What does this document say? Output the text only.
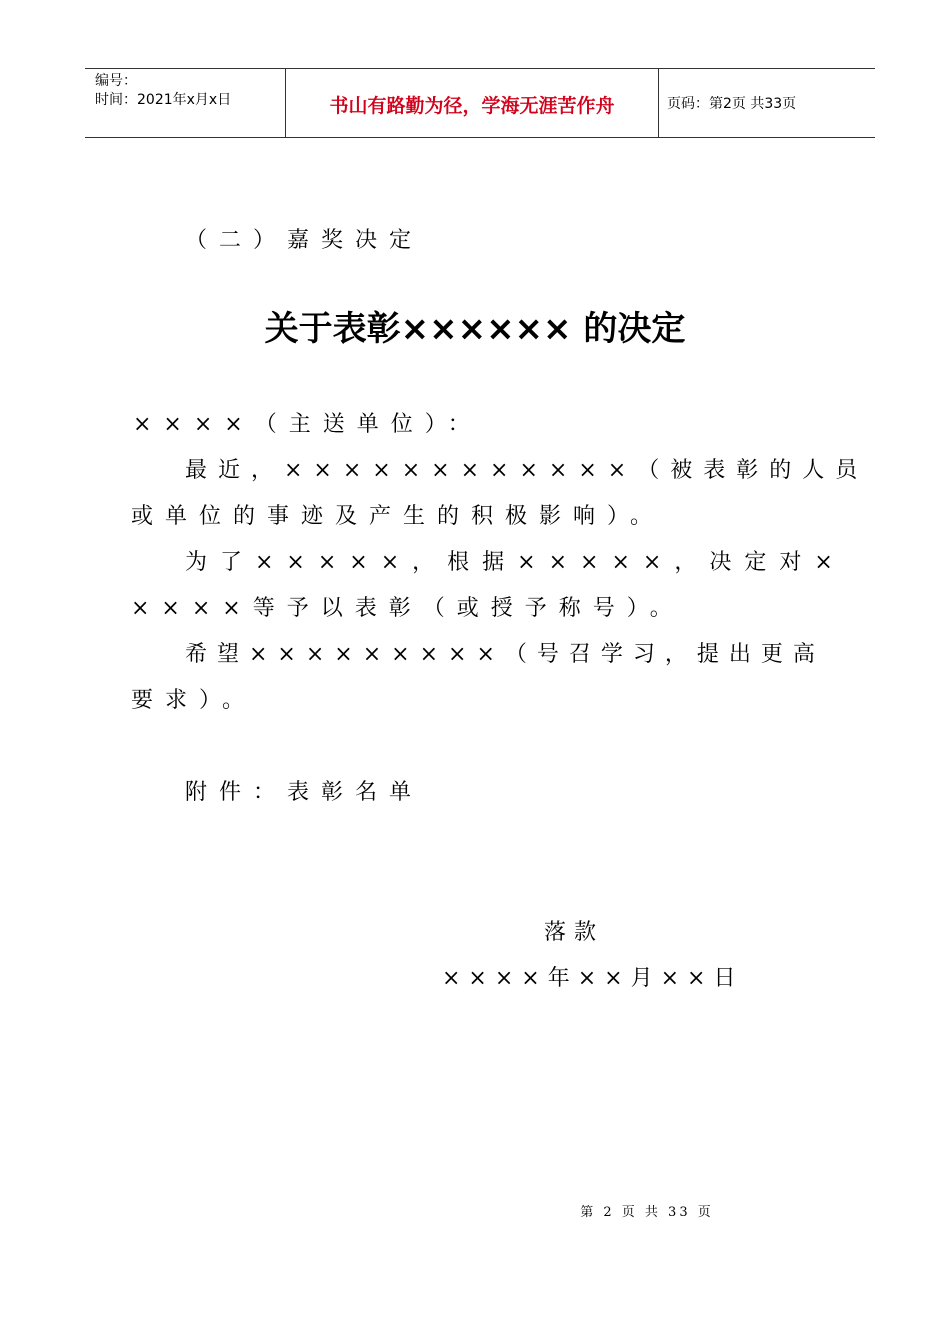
编号：
时间：2021年x月x日	书山有路勤为径，学海无涯苦作舟	页码：第2页 共33页
（二）嘉奖决定
关于表彰×××××× 的决定
××××（主送单位）：
最近，××××××××××××（被表彰的人员
或单位的事迹及产生的积极影响）。
为了×××××，根据×××××，决定对×
××××等予以表彰（或授予称号）。
希望×××××××××（号召学习，提出更高
要求）。
附件：表彰名单
落款
××××年××月××日
第 2 页 共 33 页
